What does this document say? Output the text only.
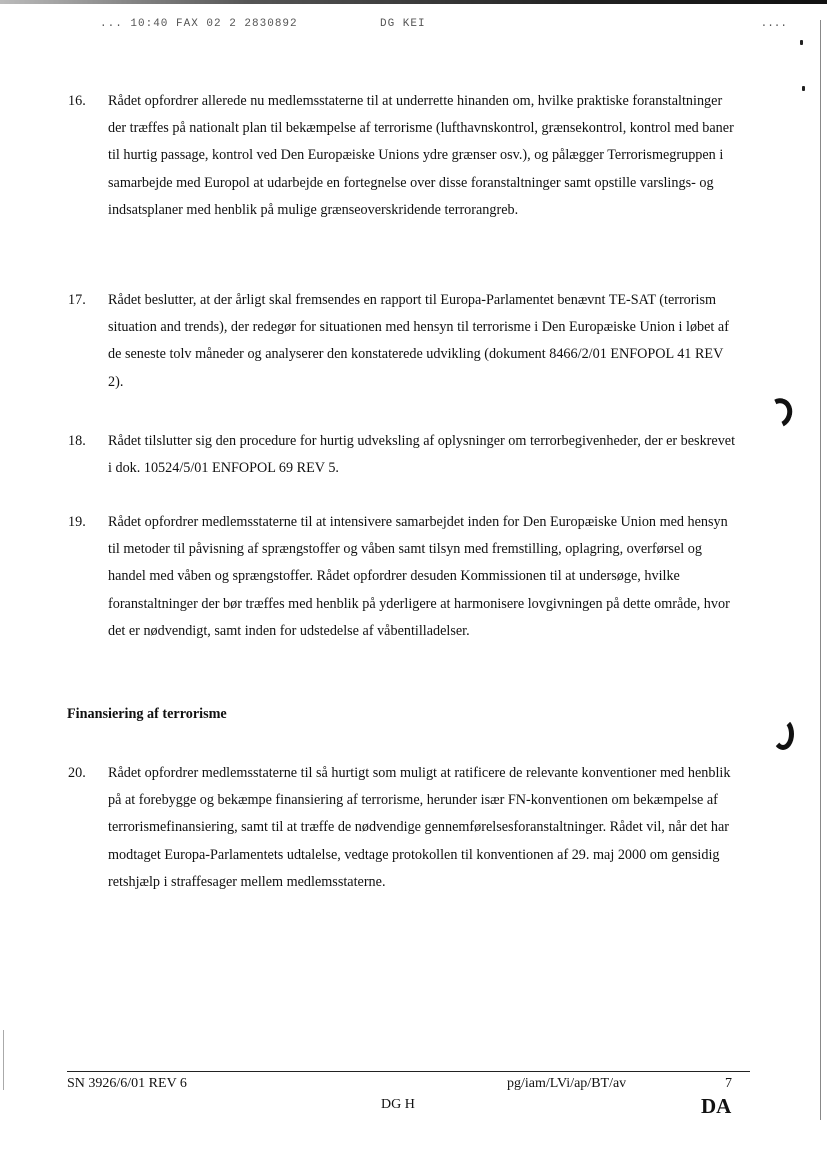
... 10:40 FAX 02 2 2830892	DG KEI	....
16. Rådet opfordrer allerede nu medlemsstaterne til at underrette hinanden om, hvilke praktiske foranstaltninger der træffes på nationalt plan til bekæmpelse af terrorisme (lufthavnskontrol, grænsekontrol, kontrol med baner til hurtig passage, kontrol ved Den Europæiske Unions ydre grænser osv.), og pålægger Terrorismegruppen i samarbejde med Europol at udarbejde en fortegnelse over disse foranstaltninger samt opstille varslings- og indsatsplaner med henblik på mulige grænseoverskridende terrorangreb.
17. Rådet beslutter, at der årligt skal fremsendes en rapport til Europa-Parlamentet benævnt TE-SAT (terrorism situation and trends), der redegør for situationen med hensyn til terrorisme i Den Europæiske Union i løbet af de seneste tolv måneder og analyserer den konstaterede udvikling (dokument 8466/2/01 ENFOPOL 41 REV 2).
18. Rådet tilslutter sig den procedure for hurtig udveksling af oplysninger om terrorbegivenheder, der er beskrevet i dok. 10524/5/01 ENFOPOL 69 REV 5.
19. Rådet opfordrer medlemsstaterne til at intensivere samarbejdet inden for Den Europæiske Union med hensyn til metoder til påvisning af sprængstoffer og våben samt tilsyn med fremstilling, oplagring, overførsel og handel med våben og sprængstoffer. Rådet opfordrer desuden Kommissionen til at undersøge, hvilke foranstaltninger der bør træffes med henblik på yderligere at harmonisere lovgivningen på dette område, hvor det er nødvendigt, samt inden for udstedelse af våbentilladelser.
Finansiering af terrorisme
20. Rådet opfordrer medlemsstaterne til så hurtigt som muligt at ratificere de relevante konventioner med henblik på at forebygge og bekæmpe finansiering af terrorisme, herunder især FN-konventionen om bekæmpelse af terrorismefinansiering, samt til at træffe de nødvendige gennemførelsesforanstaltninger. Rådet vil, når det har modtaget Europa-Parlamentets udtalelse, vedtage protokollen til konventionen af 29. maj 2000 om gensidig retshjælp i straffesager mellem medlemsstaterne.
SN 3926/6/01 REV 6
DG H
pg/iam/LVi/ap/BT/av	7
DA
